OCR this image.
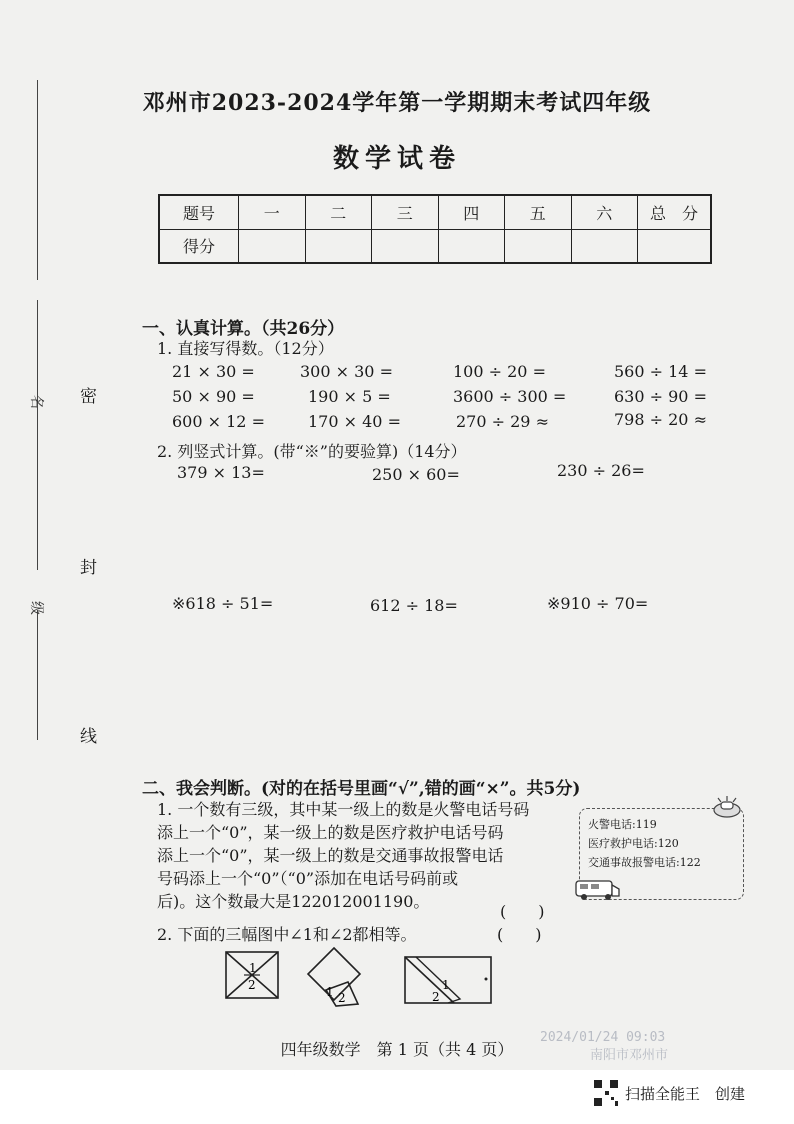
名
级
密
封
线
邓州市2023-2024学年第一学期期末考试四年级
数学试卷
题号	一	二	三	四	五	六	总　分
得分							
一、认真计算。（共26分）
1. 直接写得数。（12分）
21 × 30 =	300 × 30 =	100 ÷ 20 =	560 ÷ 14 =
50 × 90 =	190 × 5 =	3600 ÷ 300 =	630 ÷ 90 =
600 × 12 =	170 × 40 =	270 ÷ 29 ≈	798 ÷ 20 ≈
2. 列竖式计算。(带“※”的要验算)（14分）
379 × 13=	250 × 60=	230 ÷ 26=
※618 ÷ 51=	612 ÷ 18=	※910 ÷ 70=
二、我会判断。(对的在括号里画“√”,错的画“×”。共5分)
1. 一个数有三级，其中某一级上的数是火警电话号码
添上一个“0”，某一级上的数是医疗救护电话号码
添上一个“0”，某一级上的数是交通事故报警电话
号码添上一个“0”（“0”添加在电话号码前或
后)。这个数最大是122012001190。
(　　)
2. 下面的三幅图中∠1和∠2都相等。	(　　)
火警电话:119
医疗救护电话:120
交通事故报警电话:122
1
2	1 2
1
2
四年级数学　第 1 页（共 4 页）
2024/01/24 09:03
南阳市邓州市
扫描全能王　创建
